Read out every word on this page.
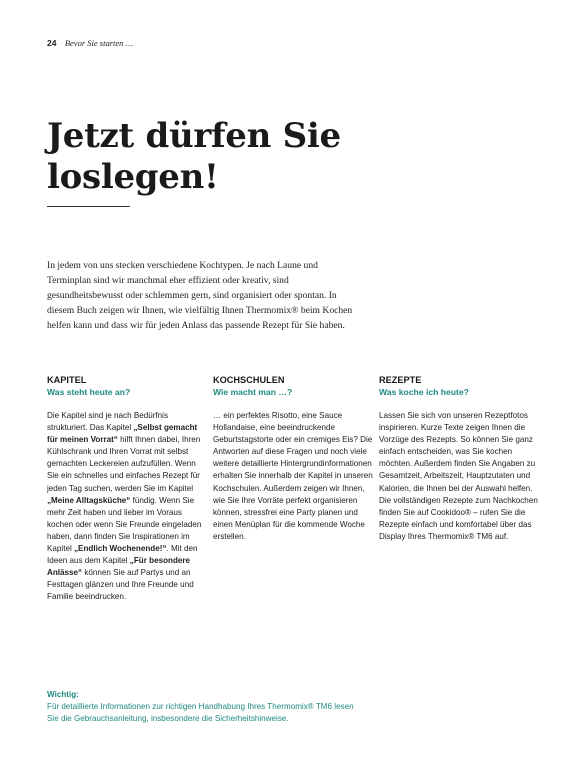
24 Bevor Sie starten …
Jetzt dürfen Sie
loslegen!

In jedem von uns stecken verschiedene Kochtypen. Je nach Laune und Terminplan sind wir manchmal eher effizient oder kreativ, sind gesundheitsbewusst oder schlemmen gern, sind organisiert oder spontan. In diesem Buch zeigen wir Ihnen, wie vielfältig Ihnen Thermomix® beim Kochen helfen kann und dass wir für jeden Anlass das passende Rezept für Sie haben.

KAPITEL

Was steht heute an?

Die Kapitel sind je nach Bedürfnis strukturiert. Das Kapitel „Selbst gemacht für meinen Vorrat“ hilft Ihnen dabei, Ihren Kühlschrank und Ihren Vorrat mit selbst gemachten Leckereien aufzufüllen. Wenn Sie ein schnelles und einfaches Rezept für jeden Tag suchen, werden Sie im Kapitel „Meine Alltagsküche“ fündig. Wenn Sie mehr Zeit haben und lieber im Voraus kochen oder wenn Sie Freunde eingeladen haben, dann finden Sie Inspirationen im Kapitel „Endlich Wochenende!“. Mit den Ideen aus dem Kapitel „Für besondere Anlässe“ können Sie auf Partys und an Festtagen glänzen und Ihre Freunde und Familie beeindrucken.

KOCHSCHULEN

Wie macht man …?

… ein perfektes Risotto, eine Sauce Hollandaise, eine beeindruckende Geburtstagstorte oder ein cremiges Eis? Die Antworten auf diese Fragen und noch viele weitere detaillierte Hintergrundinformationen erhalten Sie innerhalb der Kapitel in unseren Kochschulen. Außerdem zeigen wir Ihnen, wie Sie Ihre Vorräte perfekt organisieren können, stressfrei eine Party planen und einen Menüplan für die kommende Woche erstellen.

REZEPTE

Was koche ich heute?

Lassen Sie sich von unseren Rezeptfotos inspirieren. Kurze Texte zeigen Ihnen die Vorzüge des Rezepts. So können Sie ganz einfach entscheiden, was Sie kochen möchten. Außerdem finden Sie Angaben zu Gesamtzeit, Arbeitszeit, Hauptzutaten und Kalorien, die Ihnen bei der Auswahl helfen. Die vollständigen Rezepte zum Nachkochen finden Sie auf Cookidoo® – rufen Sie die Rezepte einfach und komfortabel über das Display Ihres Thermomix® TM6 auf.

Wichtig:
Für detaillierte Informationen zur richtigen Handhabung Ihres Thermomix® TM6 lesen Sie die Gebrauchsanleitung, insbesondere die Sicherheitshinweise.
